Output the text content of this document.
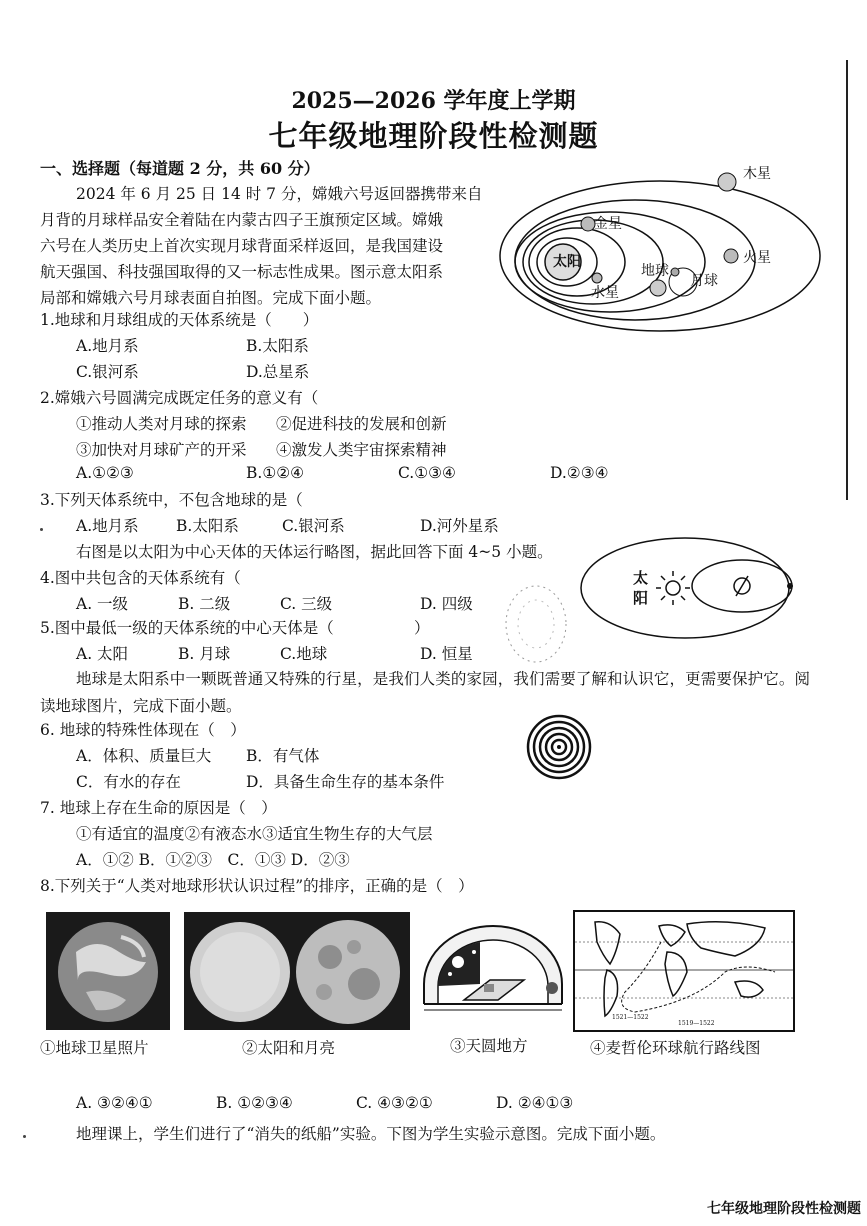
2025—2026 学年度上学期
七年级地理阶段性检测题
一、选择题（每道题 2 分，共 60 分）
2024 年 6 月 25 日 14 时 7 分，嫦娥六号返回器携带来自
月背的月球样品安全着陆在内蒙古四子王旗预定区域。嫦娥
六号在人类历史上首次实现月球背面采样返回，是我国建设
航天强国、科技强国取得的又一标志性成果。图示意太阳系
局部和嫦娥六号月球表面自拍图。完成下面小题。
太阳
金星
水星
地球
月球
火星
木星
1.地球和月球组成的天体系统是（　　）
A.地月系	B.太阳系
C.银河系	D.总星系
2.嫦娥六号圆满完成既定任务的意义有（
①推动人类对月球的探索 ②促进科技的发展和创新
③加快对月球矿产的开采 ④激发人类宇宙探索精神
A.①②③	B.①②④	C.①③④	D.②③④
3.下列天体系统中，不包含地球的是（
A.地月系 B.太阳系	C.银河系	D.河外星系
右图是以太阳为中心天体的天体运行略图，据此回答下面 4~5 小题。
太
阳
4.图中共包含的天体系统有（
A. 一级	B. 二级	C. 三级	D. 四级
5.图中最低一级的天体系统的中心天体是（	）
A. 太阳	B. 月球	C.地球	D. 恒星
地球是太阳系中一颗既普通又特殊的行星，是我们人类的家园，我们需要了解和认识它，更需要保护它。阅读地球图片，完成下面小题。
6. 地球的特殊性体现在（　）
A．体积、质量巨大 B．有气体
C．有水的存在	D．具备生命生存的基本条件
7. 地球上存在生命的原因是（　）
①有适宜的温度②有液态水③适宜生物生存的大气层
A．①② B．①②③　C．①③ D．②③
8.下列关于“人类对地球形状认识过程”的排序，正确的是（　）
1521—1522
1519—1522
①地球卫星照片	②太阳和月亮	③天圆地方	④麦哲伦环球航行路线图
A. ③②④①	B. ①②③④	C. ④③②①	D. ②④①③
地理课上，学生们进行了“消失的纸船”实验。下图为学生实验示意图。完成下面小题。
七年级地理阶段性检测题
